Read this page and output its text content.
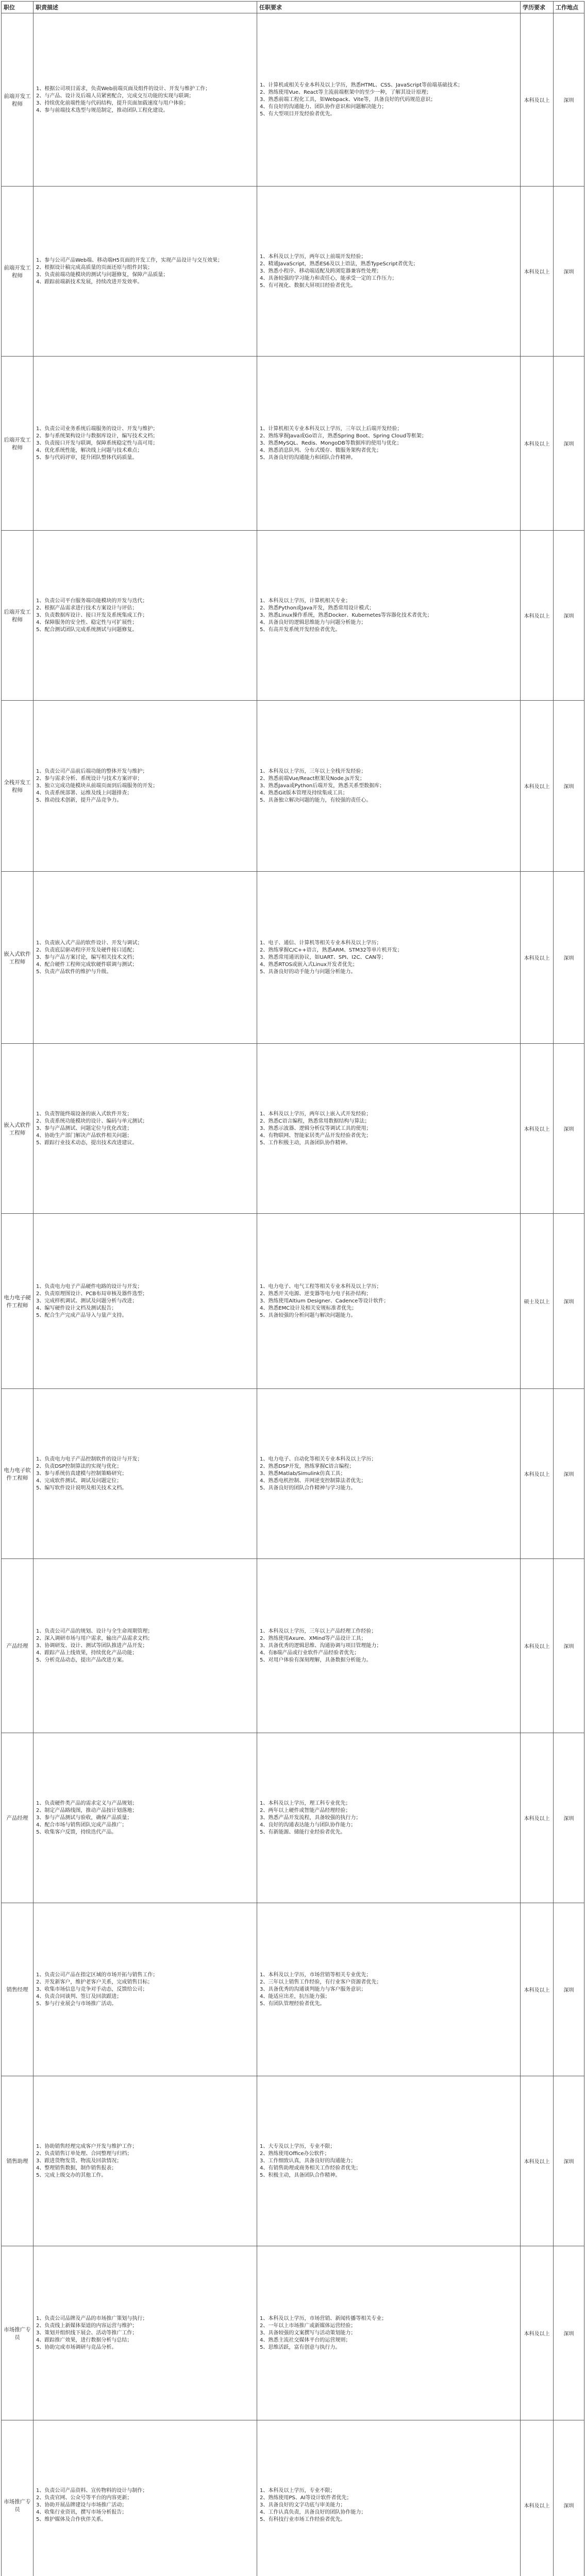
职位	职责描述	任职要求	学历要求	工作地点
前端开发工程师	1、根据公司项目需求，负责Web前端页面及组件的设计、开发与维护工作；
2、与产品、设计及后端人员紧密配合，完成交互功能的实现与联调；
3、持续优化前端性能与代码结构，提升页面加载速度与用户体验；
4、参与前端技术选型与规范制定，推动团队工程化建设。	1、计算机或相关专业本科及以上学历，熟悉HTML、CSS、JavaScript等前端基础技术；
2、熟练使用Vue、React等主流前端框架中的至少一种，了解其设计原理；
3、熟悉前端工程化工具，如Webpack、Vite等，具备良好的代码规范意识；
4、有良好的沟通能力、团队协作意识和问题解决能力；
5、有大型项目开发经验者优先。	本科及以上	深圳
前端开发工程师	1、参与公司产品Web端、移动端H5页面的开发工作，实现产品设计与交互效果；
2、根据设计稿完成高质量的页面还原与组件封装；
3、负责前端功能模块的测试与问题修复，保障产品质量；
4、跟踪前端新技术发展，持续改进开发效率。	1、本科及以上学历，两年以上前端开发经验；
2、精通JavaScript，熟悉ES6及以上语法，熟悉TypeScript者优先；
3、熟悉小程序、移动端适配及跨浏览器兼容性处理；
4、具备较强的学习能力和责任心，能承受一定的工作压力；
5、有可视化、数据大屏项目经验者优先。	本科及以上	深圳
后端开发工程师	1、负责公司业务系统后端服务的设计、开发与维护；
2、参与系统架构设计与数据库设计，编写技术文档；
3、负责接口开发与联调，保障系统稳定性与高可用；
4、优化系统性能，解决线上问题与技术难点；
5、参与代码评审，提升团队整体代码质量。	1、计算机相关专业本科及以上学历，三年以上后端开发经验；
2、熟练掌握Java或Go语言，熟悉Spring Boot、Spring Cloud等框架；
3、熟悉MySQL、Redis、MongoDB等数据库的使用与优化；
4、熟悉消息队列、分布式缓存、微服务架构者优先；
5、具备良好的沟通能力和团队合作精神。	本科及以上	深圳
后端开发工程师	1、负责公司平台服务端功能模块的开发与迭代；
2、根据产品需求进行技术方案设计与评估；
3、负责数据库设计、接口开发及系统集成工作；
4、保障服务的安全性、稳定性与可扩展性；
5、配合测试团队完成系统测试与问题修复。	1、本科及以上学历，计算机相关专业；
2、熟悉Python或Java开发，熟悉常用设计模式；
3、熟悉Linux操作系统，熟悉Docker、Kubernetes等容器化技术者优先；
4、具备良好的逻辑思维能力与问题分析能力；
5、有高并发系统开发经验者优先。	本科及以上	深圳
全栈开发工程师	1、负责公司产品前后端功能的整体开发与维护；
2、参与需求分析、系统设计与技术方案评审；
3、独立完成功能模块从前端页面到后端服务的开发；
4、负责系统部署、运维及线上问题排查；
5、推动技术创新，提升产品竞争力。	1、本科及以上学历，三年以上全栈开发经验；
2、熟悉前端Vue/React框架及Node.js开发；
3、熟悉Java或Python后端开发，熟悉关系型数据库；
4、熟悉Git版本管理及持续集成工具；
5、具备独立解决问题的能力，有较强的责任心。	本科及以上	深圳
嵌入式软件工程师	1、负责嵌入式产品的软件设计、开发与调试；
2、负责底层驱动程序开发及硬件接口适配；
3、参与产品方案讨论，编写相关技术文档；
4、配合硬件工程师完成软硬件联调与测试；
5、负责产品软件的维护与升级。	1、电子、通信、计算机等相关专业本科及以上学历；
2、熟练掌握C/C++语言，熟悉ARM、STM32等单片机开发；
3、熟悉常用通讯协议，如UART、SPI、I2C、CAN等；
4、熟悉RTOS或嵌入式Linux开发者优先；
5、具备良好的动手能力与问题分析能力。	本科及以上	深圳
嵌入式软件工程师	1、负责智能终端设备的嵌入式软件开发；
2、负责系统功能模块的设计、编码与单元测试；
3、参与产品测试、问题定位与优化改进；
4、协助生产部门解决产品软件相关问题；
5、跟踪行业技术动态，提出技术改进建议。	1、本科及以上学历，两年以上嵌入式开发经验；
2、熟悉C语言编程，熟悉常用数据结构与算法；
3、熟悉示波器、逻辑分析仪等调试工具的使用；
4、有物联网、智能家居类产品开发经验者优先；
5、工作积极主动，具备团队协作精神。	本科及以上	深圳
电力电子硬件工程师	1、负责电力电子产品硬件电路的设计与开发；
2、负责原理图设计、PCB布局审核及器件选型；
3、完成样机调试、测试及问题分析与改进；
4、编写硬件设计文档及测试报告；
5、配合生产完成产品导入与量产支持。	1、电力电子、电气工程等相关专业本科及以上学历；
2、熟悉开关电源、逆变器等电力电子拓扑结构；
3、熟练使用Altium Designer、Cadence等设计软件；
4、熟悉EMC设计及相关安规标准者优先；
5、具备较强的分析问题与解决问题能力。	硕士及以上	深圳
电力电子软件工程师	1、负责电力电子产品控制软件的设计与开发；
2、负责DSP控制算法的实现与优化；
3、参与系统仿真建模与控制策略研究；
4、完成软件测试、调试及问题定位；
5、编写软件设计说明及相关技术文档。	1、电力电子、自动化等相关专业本科及以上学历；
2、熟悉DSP开发，熟练掌握C语言编程；
3、熟悉Matlab/Simulink仿真工具；
4、熟悉电机控制、并网逆变控制算法者优先；
5、具备良好的团队合作精神与学习能力。	本科及以上	深圳
产品经理	1、负责公司产品的规划、设计与全生命周期管理；
2、深入调研市场与用户需求，输出产品需求文档；
3、协调研发、设计、测试等团队推进产品开发；
4、跟踪产品上线效果，持续优化产品功能；
5、分析竞品动态，提出产品改进方案。	1、本科及以上学历，三年以上产品经理工作经验；
2、熟练使用Axure、XMind等产品设计工具；
3、具备优秀的逻辑思维、沟通协调与项目管理能力；
4、有B端产品或行业软件产品经验者优先；
5、对用户体验有深刻理解，具备数据分析能力。	本科及以上	深圳
产品经理	1、负责硬件类产品的需求定义与产品规划；
2、制定产品路线图，推动产品按计划落地；
3、参与产品测试与验收，确保产品质量；
4、配合市场与销售团队完成产品推广；
5、收集客户反馈，持续迭代产品。	1、本科及以上学历，理工科专业优先；
2、两年以上硬件或智能产品经理经验；
3、熟悉产品开发流程，具备较强的执行力；
4、良好的沟通表达能力与团队协作能力；
5、有新能源、储能行业经验者优先。	本科及以上	深圳
销售经理	1、负责公司产品在指定区域的市场开拓与销售工作；
2、开发新客户，维护老客户关系，完成销售目标；
3、收集市场信息与竞争对手动态，反馈给公司；
4、负责合同谈判、签订及回款跟进；
5、参与行业展会与市场推广活动。	1、本科及以上学历，市场营销等相关专业优先；
2、三年以上销售工作经验，有行业客户资源者优先；
3、具备优秀的沟通谈判能力与客户服务意识；
4、能适应出差，抗压能力强；
5、有团队管理经验者优先。	本科及以上	深圳
销售助理	1、协助销售经理完成客户开发与维护工作；
2、负责销售订单处理、合同整理与归档；
3、跟进货物发货、物流及回款情况；
4、整理销售数据，制作销售报表；
5、完成上级交办的其他工作。	1、大专及以上学历，专业不限；
2、熟练使用Office办公软件；
3、工作细致认真，具备良好的沟通能力；
4、有销售助理或商务相关工作经验者优先；
5、积极主动，具备团队合作精神。	本科及以上	深圳
市场推广专员	1、负责公司品牌及产品的市场推广策划与执行；
2、负责线上新媒体渠道的内容运营与维护；
3、策划并组织线下展会、活动等推广工作；
4、跟踪推广效果，进行数据分析与总结；
5、协助完成市场调研与竞品分析。	1、本科及以上学历，市场营销、新闻传播等相关专业；
2、一年以上市场推广或新媒体运营经验；
3、具备较强的文案撰写与活动策划能力；
4、熟悉主流社交媒体平台的运营规则；
5、思维活跃，富有创意与执行力。	本科及以上	深圳
市场推广专员	1、负责公司产品资料、宣传物料的设计与制作；
2、负责官网、公众号等平台的内容更新；
3、协助开展品牌建设与市场推广活动；
4、收集行业资讯，撰写市场分析报告；
5、维护媒体及合作伙伴关系。	1、本科及以上学历，专业不限；
2、熟练使用PS、AI等设计软件者优先；
3、具备良好的文字功底与审美能力；
4、工作认真负责，具备良好的团队协作能力；
5、有科技行业市场工作经验者优先。	本科及以上	深圳
